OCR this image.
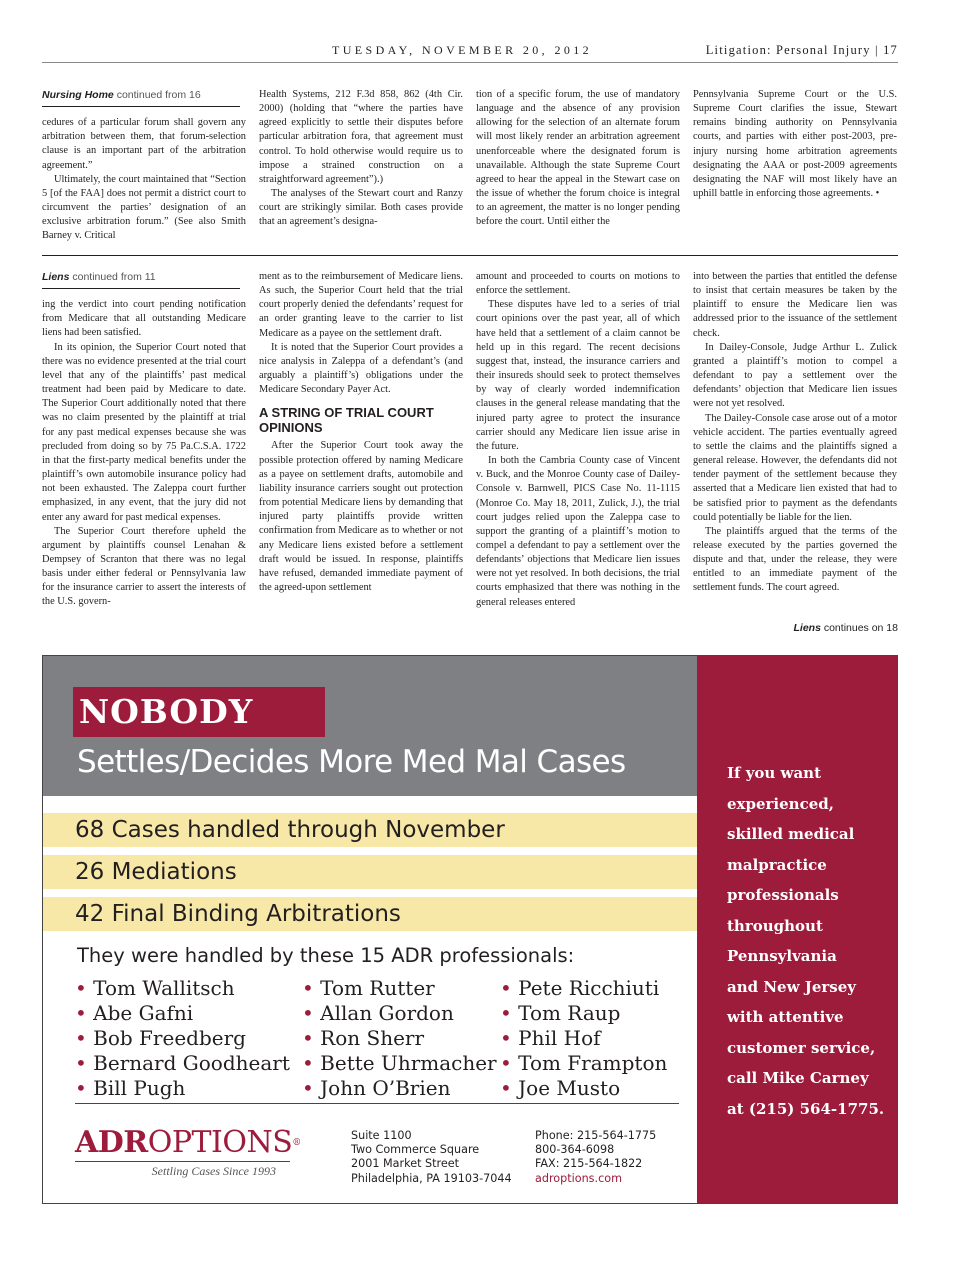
TUESDAY, NOVEMBER 20, 2012	Litigation: Personal Injury | 17
Nursing Home continued from 16

cedures of a particular forum shall govern any arbitration between them, that forum-selection clause is an important part of the arbitration agreement.”

Ultimately, the court maintained that “Section 5 [of the FAA] does not permit a district court to circumvent the parties’ designation of an exclusive arbitration forum.” (See also Smith Barney v. Critical

Health Systems, 212 F.3d 858, 862 (4th Cir. 2000) (holding that “where the parties have agreed explicitly to settle their disputes before particular arbitration fora, that agreement must control. To hold otherwise would require us to impose a strained construction on a straightforward agreement”).)

The analyses of the Stewart court and Ranzy court are strikingly similar. Both cases provide that an agreement’s designa-

tion of a specific forum, the use of mandatory language and the absence of any provision allowing for the selection of an alternate forum will most likely render an arbitration agreement unenforceable where the designated forum is unavailable. Although the state Supreme Court agreed to hear the appeal in the Stewart case on the issue of whether the forum choice is integral to an agreement, the matter is no longer pending before the court. Until either the

Pennsylvania Supreme Court or the U.S. Supreme Court clarifies the issue, Stewart remains binding authority on Pennsylvania courts, and parties with either post-2003, pre-injury nursing home arbitration agreements designating the AAA or post-2009 agreements designating the NAF will most likely have an uphill battle in enforcing those agreements. •

Liens continued from 11

ing the verdict into court pending notification from Medicare that all outstanding Medicare liens had been satisfied.

In its opinion, the Superior Court noted that there was no evidence presented at the trial court level that any of the plaintiffs’ past medical treatment had been paid by Medicare to date. The Superior Court additionally noted that there was no claim presented by the plaintiff at trial for any past medical expenses because she was precluded from doing so by 75 Pa.C.S.A. 1722 in that the first-party medical benefits under the plaintiff’s own automobile insurance policy had not been exhausted. The Zaleppa court further emphasized, in any event, that the jury did not enter any award for past medical expenses.

The Superior Court therefore upheld the argument by plaintiffs counsel Lenahan & Dempsey of Scranton that there was no legal basis under either federal or Pennsylvania law for the insurance carrier to assert the interests of the U.S. govern-

ment as to the reimbursement of Medicare liens. As such, the Superior Court held that the trial court properly denied the defendants’ request for an order granting leave to the carrier to list Medicare as a payee on the settlement draft.

It is noted that the Superior Court provides a nice analysis in Zaleppa of a defendant’s (and arguably a plaintiff’s) obligations under the Medicare Secondary Payer Act.

A STRING OF TRIAL COURT OPINIONS

After the Superior Court took away the possible protection offered by naming Medicare as a payee on settlement drafts, automobile and liability insurance carriers sought out protection from potential Medicare liens by demanding that injured party plaintiffs provide written confirmation from Medicare as to whether or not any Medicare liens existed before a settlement draft would be issued. In response, plaintiffs have refused, demanded immediate payment of the agreed-upon settlement

amount and proceeded to courts on motions to enforce the settlement.

These disputes have led to a series of trial court opinions over the past year, all of which have held that a settlement of a claim cannot be held up in this regard. The recent decisions suggest that, instead, the insurance carriers and their insureds should seek to protect themselves by way of clearly worded indemnification clauses in the general release mandating that the injured party agree to protect the insurance carrier should any Medicare lien issue arise in the future.

In both the Cambria County case of Vincent v. Buck, and the Monroe County case of Dailey-Console v. Barnwell, PICS Case No. 11-1115 (Monroe Co. May 18, 2011, Zulick, J.), the trial court judges relied upon the Zaleppa case to support the granting of a plaintiff’s motion to compel a defendant to pay a settlement over the defendants’ objections that Medicare lien issues were not yet resolved. In both decisions, the trial courts emphasized that there was nothing in the general releases entered

into between the parties that entitled the defense to insist that certain measures be taken by the plaintiff to ensure the Medicare lien was addressed prior to the issuance of the settlement check.

In Dailey-Console, Judge Arthur L. Zulick granted a plaintiff’s motion to compel a defendant to pay a settlement over the defendants’ objection that Medicare lien issues were not yet resolved.

The Dailey-Console case arose out of a motor vehicle accident. The parties eventually agreed to settle the claims and the plaintiffs signed a general release. However, the defendants did not tender payment of the settlement because they asserted that a Medicare lien existed that had to be satisfied prior to payment as the defendants could potentially be liable for the lien.

The plaintiffs argued that the terms of the release executed by the parties governed the dispute and that, under the release, they were entitled to an immediate payment of the settlement funds. The court agreed.

Liens continues on 18
NOBODY
Settles/Decides More Med Mal Cases
68 Cases handled through November
26 Mediations
42 Final Binding Arbitrations
They were handled by these 15 ADR professionals:
• Tom Wallitsch
• Abe Gafni
• Bob Freedberg
• Bernard Goodheart
• Bill Pugh
• Tom Rutter
• Allan Gordon
• Ron Sherr
• Bette Uhrmacher
• John O’Brien
• Pete Ricchiuti
• Tom Raup
• Phil Hof
• Tom Frampton
• Joe Musto
ADROPTIONS®
Settling Cases Since 1993
Suite 1100
Two Commerce Square
2001 Market Street
Philadelphia, PA 19103-7044
Phone: 215-564-1775
800-364-6098
FAX: 215-564-1822
adroptions.com
If you want
experienced,
skilled medical
malpractice
professionals
throughout
Pennsylvania
and New Jersey
with attentive
customer service,
call Mike Carney
at (215) 564-1775.
